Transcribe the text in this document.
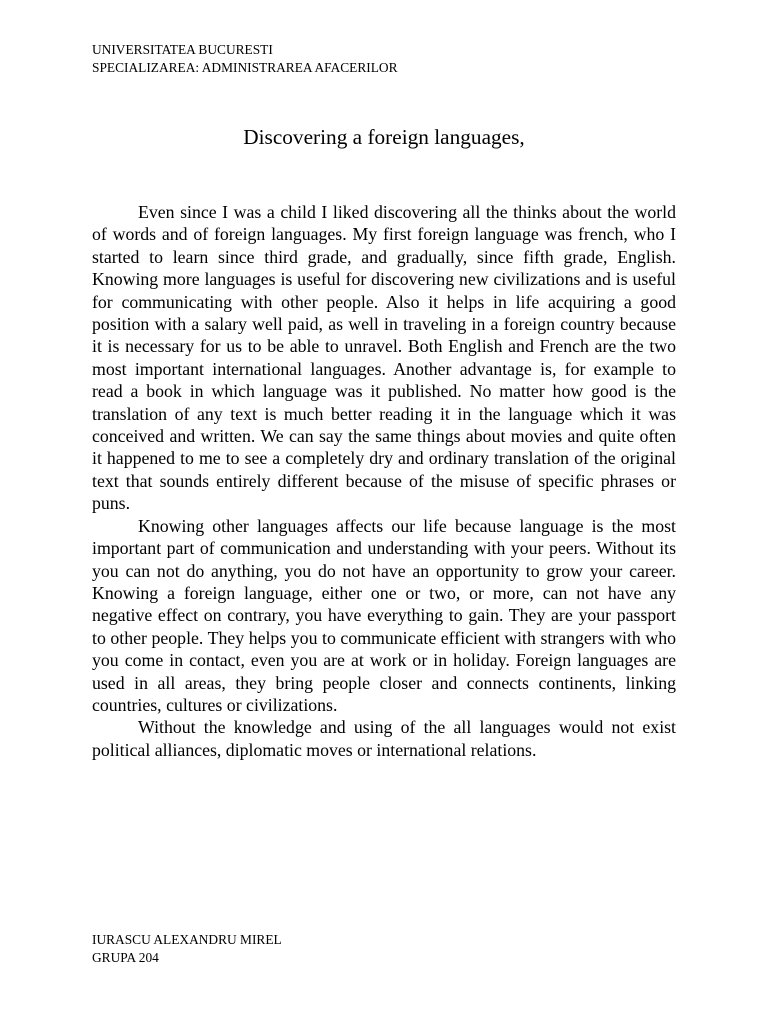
UNIVERSITATEA BUCURESTI
SPECIALIZAREA: ADMINISTRAREA AFACERILOR
Discovering a foreign languages,

Even since I was a child I liked discovering all the thinks about the world of words and of foreign languages. My first foreign language was french, who I started to learn since third grade, and gradually, since fifth grade, English. Knowing more languages is useful for discovering new civilizations and is useful for communicating with other people. Also it helps in life acquiring a good position with a salary well paid, as well in traveling in a foreign country because it is necessary for us to be able to unravel. Both English and French are the two most important international languages. Another advantage is, for example to read a book in which language was it published. No matter how good is the translation of any text is much better reading it in the language which it was conceived and written. We can say the same things about movies and quite often it happened to me to see a completely dry and ordinary translation of the original text that sounds entirely different because of the misuse of specific phrases or puns.

Knowing other languages affects our life because language is the most important part of communication and understanding with your peers. Without its you can not do anything, you do not have an opportunity to grow your career. Knowing a foreign language, either one or two, or more, can not have any negative effect on contrary, you have everything to gain. They are your passport to other people. They helps you to communicate efficient with strangers with who you come in contact, even you are at work or in holiday. Foreign languages are used in all areas, they bring people closer and connects continents, linking countries, cultures or civilizations.

Without the knowledge and using of the all languages would not exist political alliances, diplomatic moves or international relations.

IURASCU ALEXANDRU MIREL
GRUPA 204
